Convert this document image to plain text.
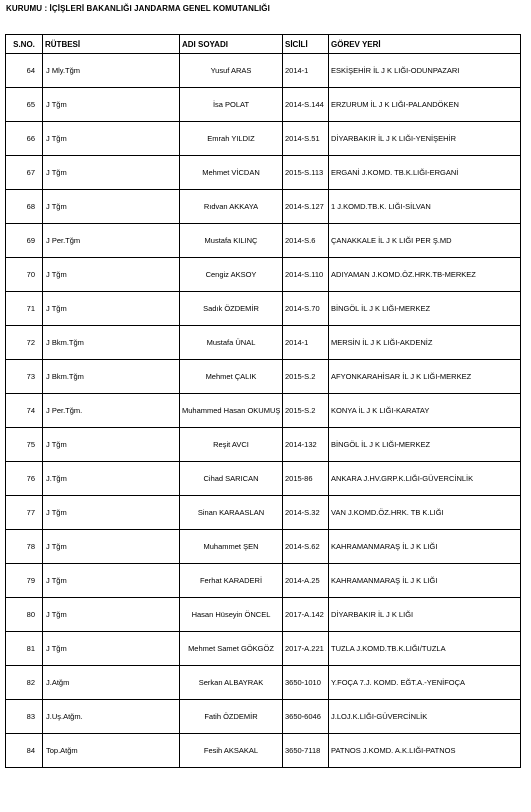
KURUMU : İÇİŞLERİ BAKANLIĞI JANDARMA GENEL KOMUTANLIĞI
S.NO.	RÜTBESİ	ADI SOYADI	SİCİLİ	GÖREV YERİ
64	J Mly.Tğm	Yusuf ARAS	2014-1	ESKİŞEHİR İL J K LIĞI-ODUNPAZARI
65	J Tğm	İsa POLAT	2014-S.144	ERZURUM İL J K LIĞI-PALANDÖKEN
66	J Tğm	Emrah YILDIZ	2014-S.51	DİYARBAKIR İL J K LIĞI-YENİŞEHİR
67	J Tğm	Mehmet VİCDAN	2015-S.113	ERGANİ J.KOMD. TB.K.LIĞI-ERGANİ
68	J Tğm	Rıdvan AKKAYA	2014-S.127	1 J.KOMD.TB.K. LIĞI-SİLVAN
69	J Per.Tğm	Mustafa KILINÇ	2014-S.6	ÇANAKKALE İL J K LIĞI PER Ş.MD
70	J Tğm	Cengiz AKSOY	2014-S.110	ADIYAMAN J.KOMD.ÖZ.HRK.TB-MERKEZ
71	J Tğm	Sadık ÖZDEMİR	2014-S.70	BİNGÖL İL J K LIĞI-MERKEZ
72	J Bkm.Tğm	Mustafa ÜNAL	2014-1	MERSİN İL J K LIĞI-AKDENİZ
73	J Bkm.Tğm	Mehmet ÇALIK	2015-S.2	AFYONKARAHİSAR İL J K LIĞI-MERKEZ
74	J Per.Tğm.	Muhammed Hasan OKUMUŞ	2015-S.2	KONYA İL J K LIĞI-KARATAY
75	J Tğm	Reşit AVCI	2014-132	BİNGÖL İL J K LIĞI-MERKEZ
76	J.Tğm	Cihad SARICAN	2015-86	ANKARA J.HV.GRP.K.LIĞI-GÜVERCİNLİK
77	J Tğm	Sinan KARAASLAN	2014-S.32	VAN J.KOMD.ÖZ.HRK. TB K.LIĞI
78	J Tğm	Muhammet ŞEN	2014-S.62	KAHRAMANMARAŞ İL J K LIĞI
79	J Tğm	Ferhat KARADERİ	2014-A.25	KAHRAMANMARAŞ İL J K LIĞI
80	J Tğm	Hasan Hüseyin ÖNCEL	2017-A.142	DİYARBAKIR İL J K LIĞI
81	J Tğm	Mehmet Samet GÖKGÖZ	2017-A.221	TUZLA J.KOMD.TB.K.LIĞI/TUZLA
82	J.Atğm	Serkan ALBAYRAK	3650-1010	Y.FOÇA 7.J. KOMD. EĞT.A.-YENİFOÇA
83	J.Uş.Atğm.	Fatih ÖZDEMİR	3650-6046	J.LOJ.K.LIĞI-GÜVERCİNLİK
84	Top.Atğm	Fesih AKSAKAL	3650-7118	PATNOS J.KOMD. A.K.LIĞI-PATNOS
